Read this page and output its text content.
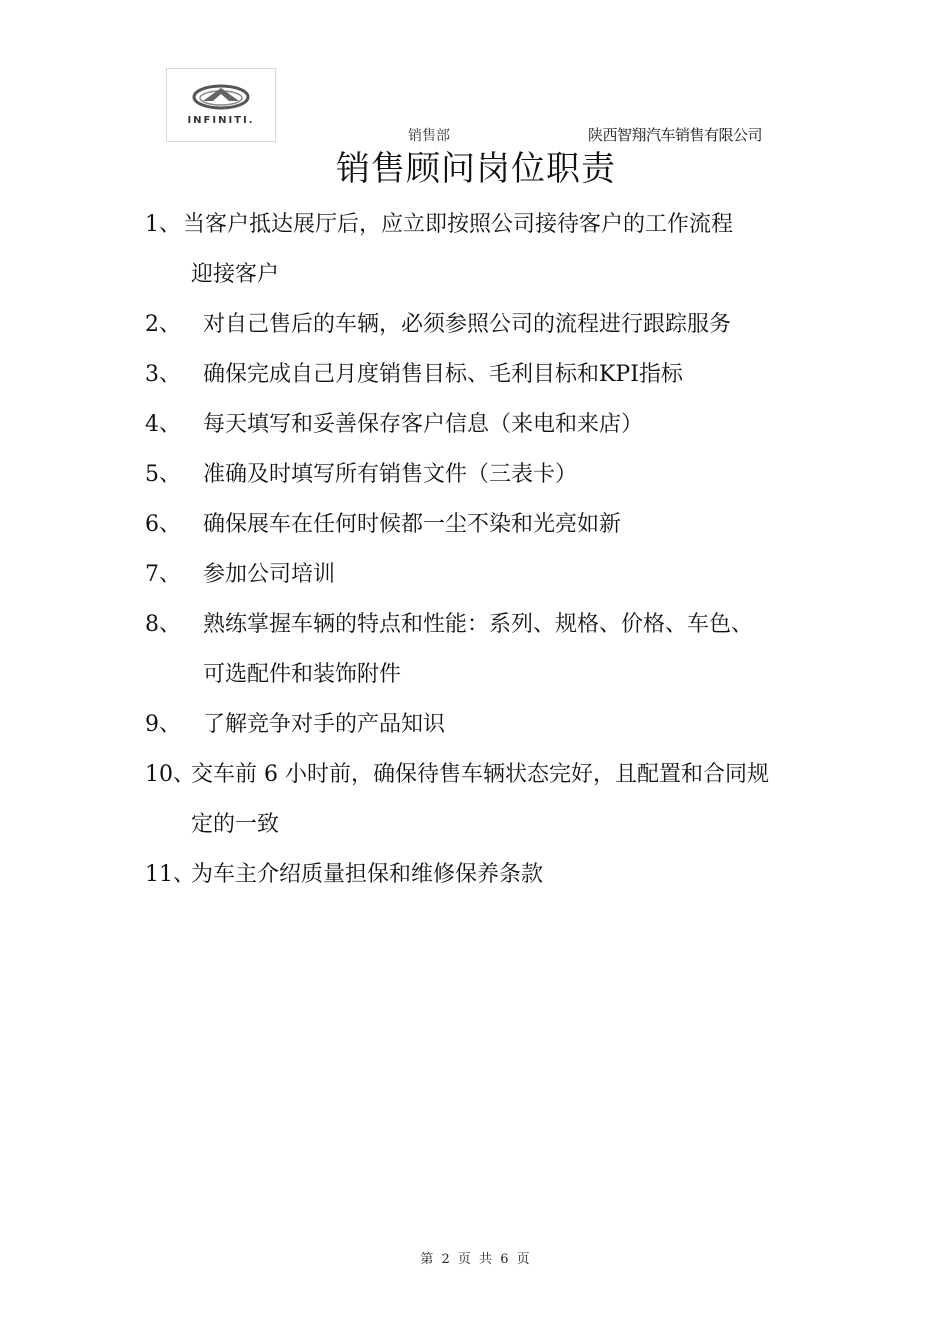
INFINITI.
销售部	陕西智翔汽车销售有限公司
销售顾问岗位职责
1、 当客户抵达展厅后，应立即按照公司接待客户的工作流程
迎接客户
2、	对自己售后的车辆，必须参照公司的流程进行跟踪服务
3、	确保完成自己月度销售目标、毛利目标和KPI指标
4、	每天填写和妥善保存客户信息（来电和来店）
5、	准确及时填写所有销售文件（三表卡）
6、	确保展车在任何时候都一尘不染和光亮如新
7、	参加公司培训
8、	熟练掌握车辆的特点和性能：系列、规格、价格、车色、
可选配件和装饰附件
9、	了解竞争对手的产品知识
10、
交车前 6 小时前，确保待售车辆状态完好，且配置和合同规
定的一致
11、
为车主介绍质量担保和维修保养条款
第 2 页 共 6 页
